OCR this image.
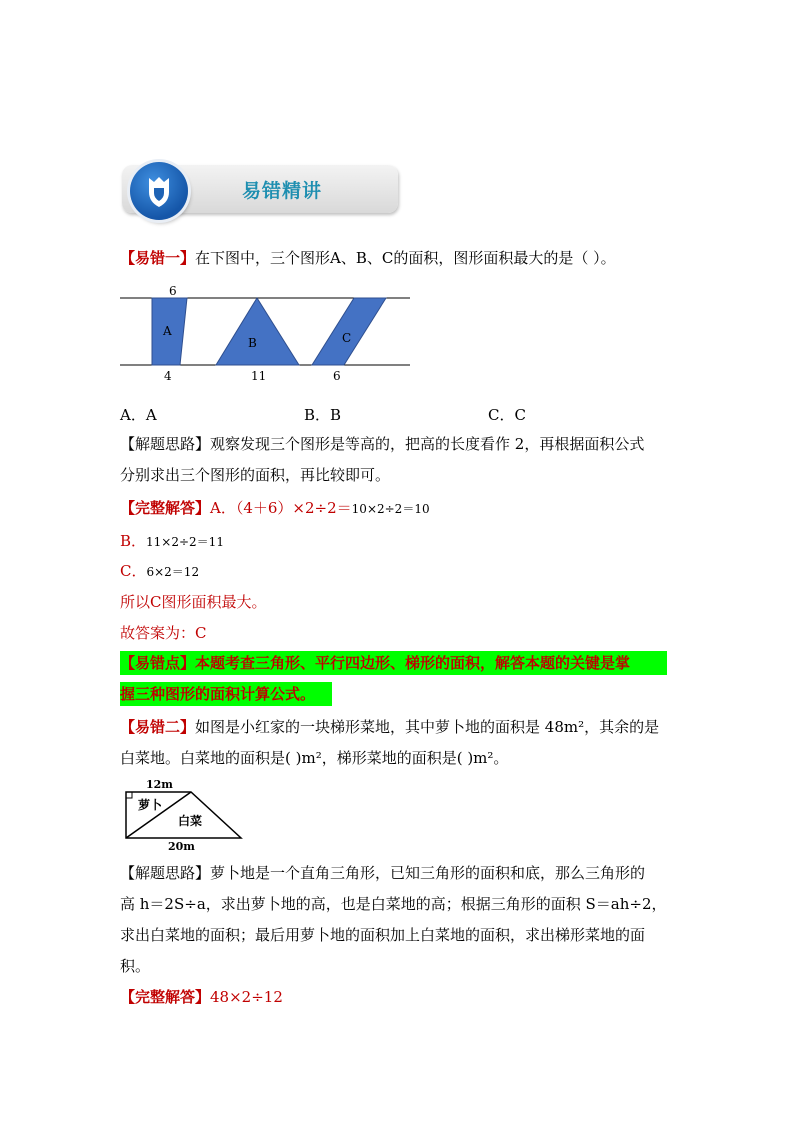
易错精讲
【易错一】在下图中，三个图形A、B、C的面积，图形面积最大的是（ ）。
6
A
B	C
4	11	6
A．A	B．B	C．C
【解题思路】观察发现三个图形是等高的，把高的长度看作 2，再根据面积公式
分别求出三个图形的面积，再比较即可。
【完整解答】A．（4＋6）×2÷2＝10×2÷2＝10
B．11×2÷2＝11
C．6×2＝12
所以C图形面积最大。
故答案为：C
【易错点】本题考查三角形、平行四边形、梯形的面积，解答本题的关键是掌
握三种图形的面积计算公式。
【易错二】如图是小红家的一块梯形菜地，其中萝卜地的面积是 48m²，其余的是
白菜地。白菜地的面积是( )m²，梯形菜地的面积是( )m²。
12m
萝卜
白菜
20m
【解题思路】萝卜地是一个直角三角形，已知三角形的面积和底，那么三角形的
高 h＝2S÷a，求出萝卜地的高，也是白菜地的高；根据三角形的面积 S＝ah÷2，
求出白菜地的面积；最后用萝卜地的面积加上白菜地的面积，求出梯形菜地的面
积。
【完整解答】48×2÷12
